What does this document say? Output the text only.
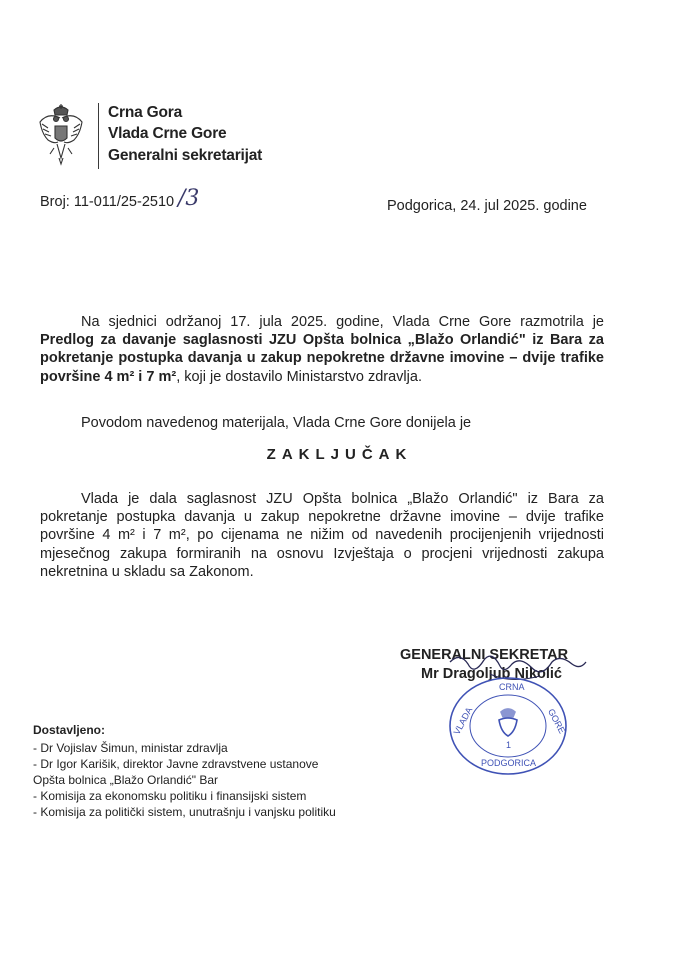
Crna Gora
Vlada Crne Gore
Generalni sekretarijat
Broj: 11-011/25-2510 /3	Podgorica, 24. jul 2025. godine
Na sjednici održanoj 17. jula 2025. godine, Vlada Crne Gore razmotrila je Predlog za davanje saglasnosti JZU Opšta bolnica „Blažo Orlandić" iz Bara za pokretanje postupka davanja u zakup nepokretne državne imovine – dvije trafike površine 4 m² i 7 m², koji je dostavilo Ministarstvo zdravlja.
Povodom navedenog materijala, Vlada Crne Gore donijela je
ZAKLJUČAK
Vlada je dala saglasnost JZU Opšta bolnica „Blažo Orlandić" iz Bara za pokretanje postupka davanja u zakup nepokretne državne imovine – dvije trafike površine 4 m² i 7 m², po cijenama ne nižim od navedenih procijenjenih vrijednosti mjesečnog zakupa formiranih na osnovu Izvještaja o procjeni vrijednosti zakupa nekretnina u skladu sa Zakonom.
GENERALNI SEKRETAR
Mr Dragoljub Nikolić
CRNA
VLADA	GORE
1
PODGORICA
Dostavljeno:
- Dr Vojislav Šimun, ministar zdravlja
- Dr Igor Karišik, direktor Javne zdravstvene ustanove
Opšta bolnica „Blažo Orlandić" Bar
- Komisija za ekonomsku politiku i finansijski sistem
- Komisija za politički sistem, unutrašnju i vanjsku politiku
